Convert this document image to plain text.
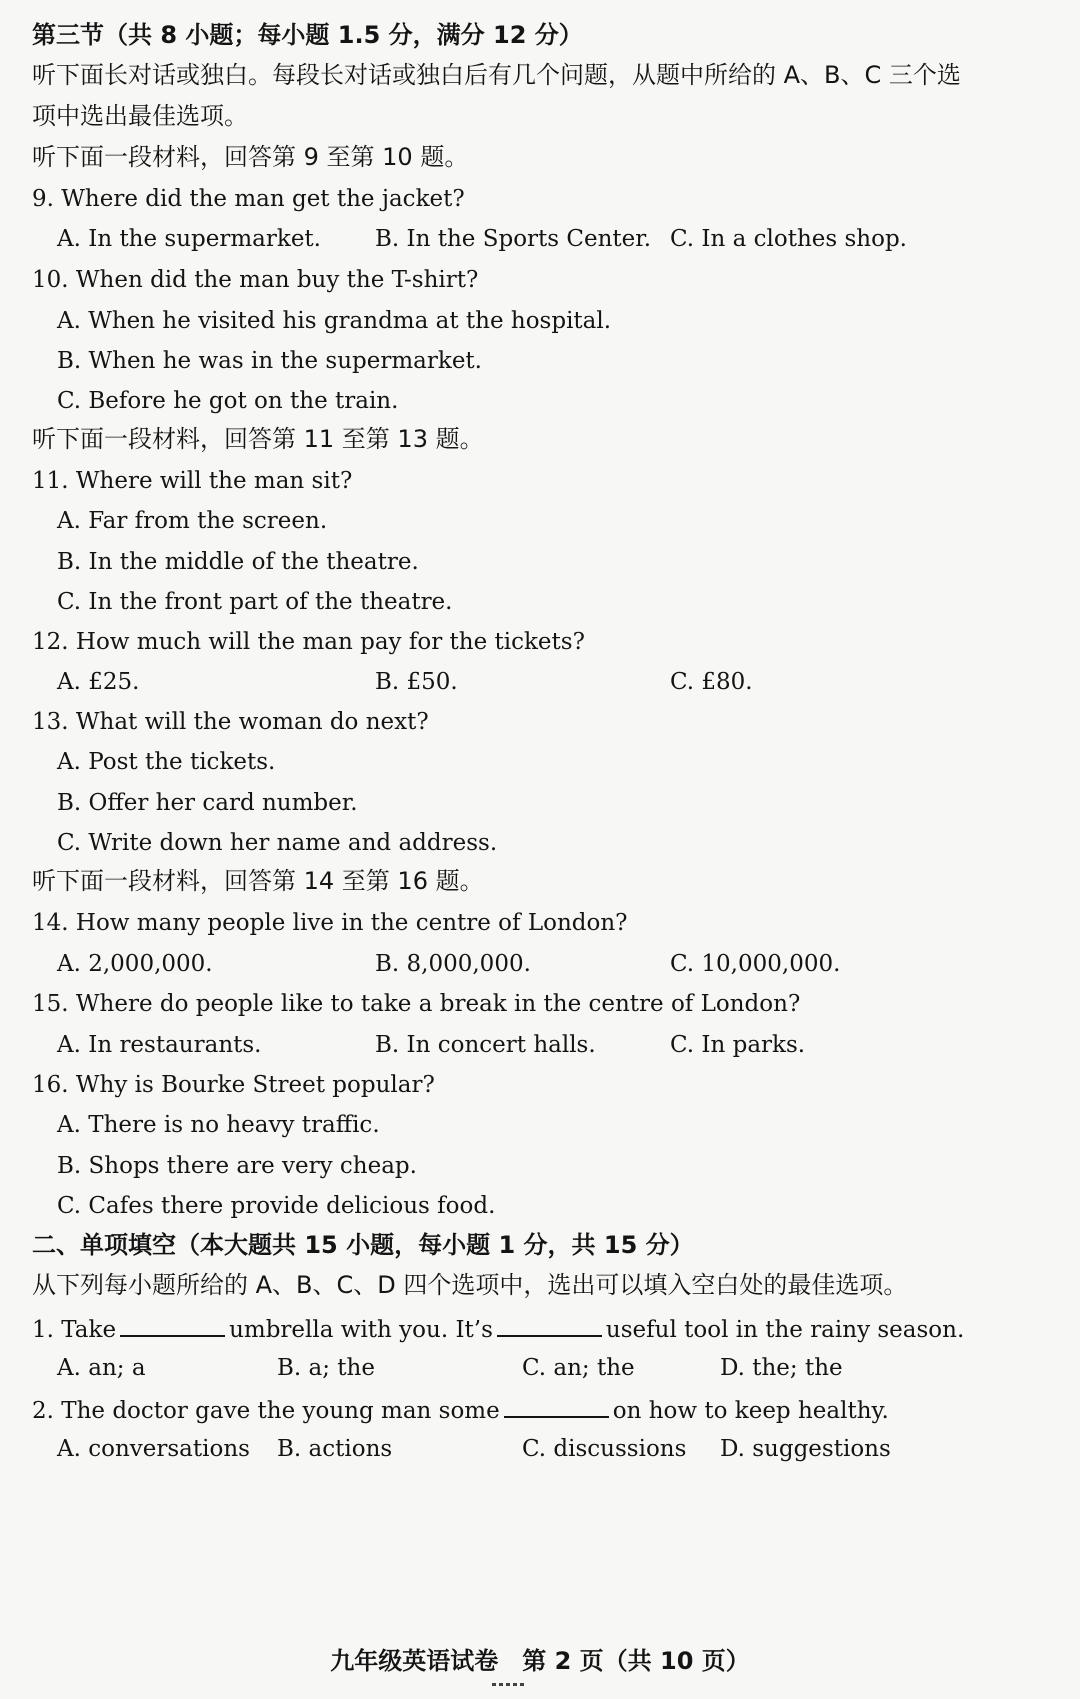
第三节（共 8 小题；每小题 1.5 分，满分 12 分）
听下面长对话或独白。每段长对话或独白后有几个问题，从题中所给的 A、B、C 三个选
项中选出最佳选项。
听下面一段材料，回答第 9 至第 10 题。
9. Where did the man get the jacket?
A. In the supermarket. B. In the Sports Center. C. In a clothes shop.
10. When did the man buy the T-shirt?
A. When he visited his grandma at the hospital.
B. When he was in the supermarket.
C. Before he got on the train.
听下面一段材料，回答第 11 至第 13 题。
11. Where will the man sit?
A. Far from the screen.
B. In the middle of the theatre.
C. In the front part of the theatre.
12. How much will the man pay for the tickets?
A. £25.	B. £50.	C. £80.
13. What will the woman do next?
A. Post the tickets.
B. Offer her card number.
C. Write down her name and address.
听下面一段材料，回答第 14 至第 16 题。
14. How many people live in the centre of London?
A. 2,000,000.	B. 8,000,000.	C. 10,000,000.
15. Where do people like to take a break in the centre of London?
A. In restaurants.	B. In concert halls.	C. In parks.
16. Why is Bourke Street popular?
A. There is no heavy traffic.
B. Shops there are very cheap.
C. Cafes there provide delicious food.
二、单项填空（本大题共 15 小题，每小题 1 分，共 15 分）
从下列每小题所给的 A、B、C、D 四个选项中，选出可以填入空白处的最佳选项。
1. Take	umbrella with you. It’s	useful tool in the rainy season.
A. an; a	B. a; the	C. an; the	D. the; the
2. The doctor gave the young man some	on how to keep healthy.
A. conversations B. actions	C. discussions D. suggestions
九年级英语试卷　第 2 页（共 10 页）
